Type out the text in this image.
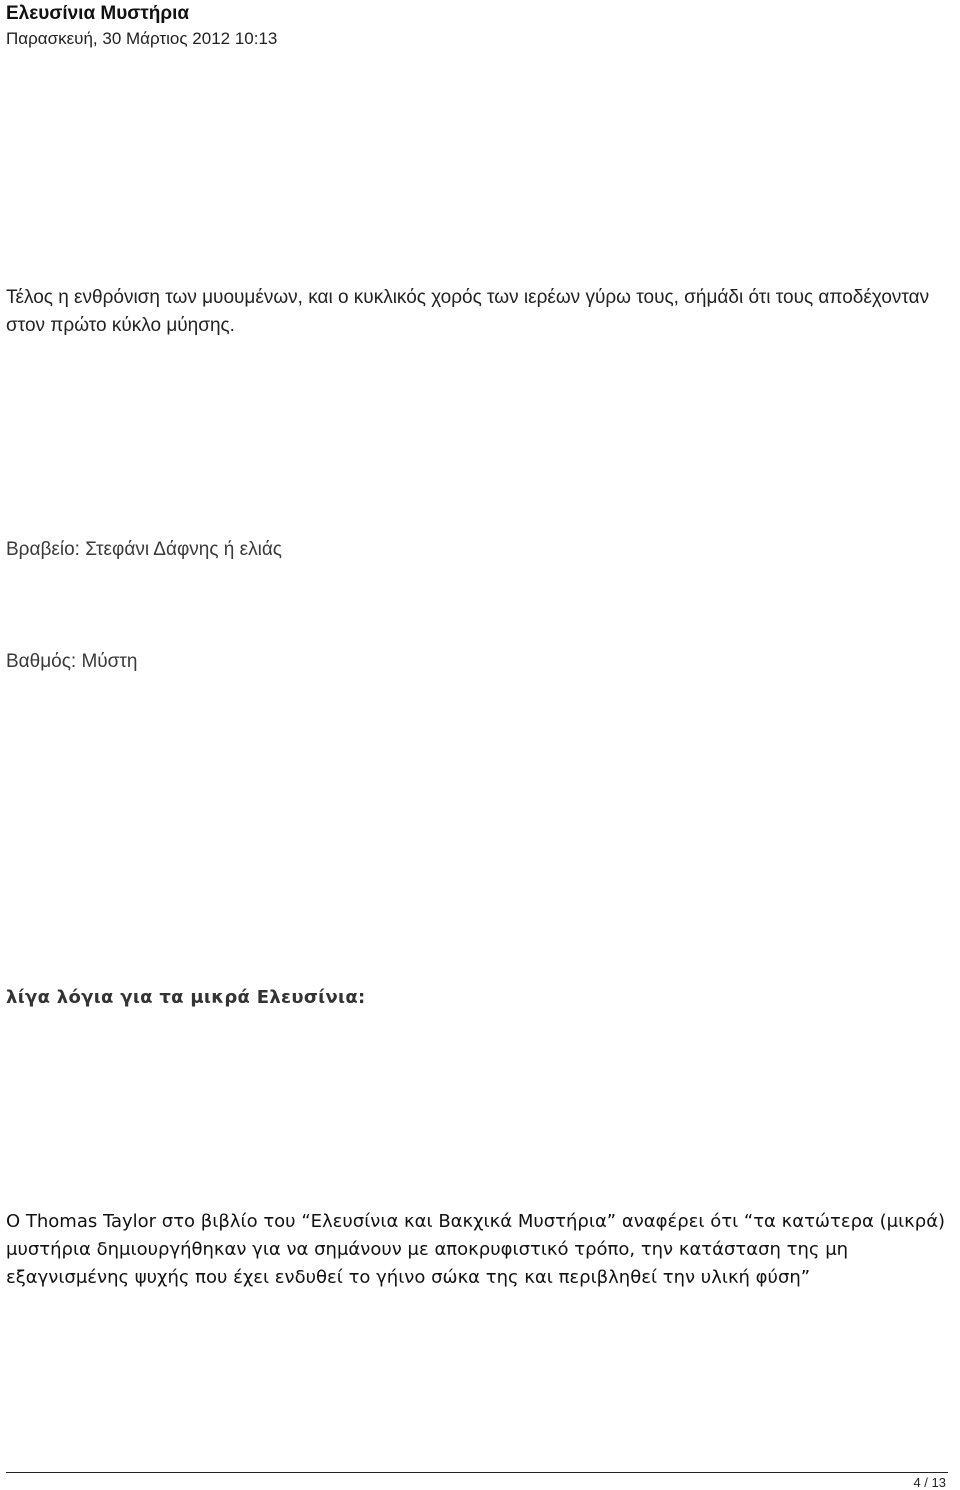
Ελευσίνια Μυστήρια
Παρασκευή, 30 Μάρτιος 2012 10:13

Τέλος η ενθρόνιση των μυουμένων, και ο κυκλικός χορός των ιερέων γύρω τους, σήμάδι ότι τους αποδέχονταν στον πρώτο κύκλο μύησης.

Βραβείο: Στεφάνι Δάφνης ή ελιάς

Βαθμός: Μύστη

λίγα λόγια για τα μικρά Ελευσίνια:

Ο Thomas Taylor στο βιβλίο του “Ελευσίνια και Βακχικά Μυστήρια” αναφέρει ότι “τα κατώτερα (μικρά) μυστήρια δημιουργήθηκαν για να σημάνουν με αποκρυφιστικό τρόπο, την κατάσταση της μη εξαγνισμένης ψυχής που έχει ενδυθεί το γήινο σώκα της και περιβληθεί την υλική φύση”

4 / 13
